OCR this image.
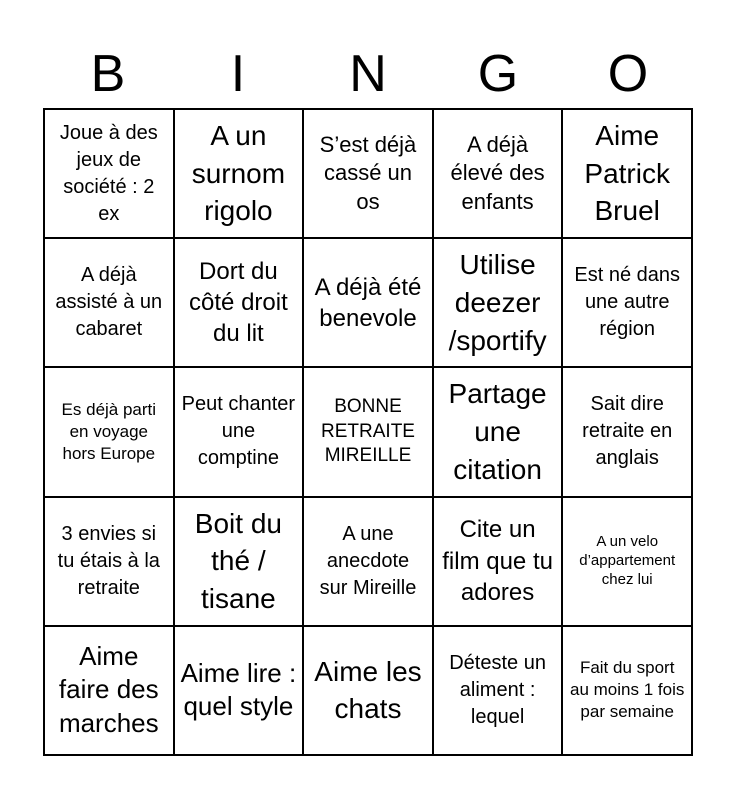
B	I	N	G	O
Joue à des jeux de société : 2 ex
A un surnom rigolo
S’est déjà cassé un os
A déjà élevé des enfants
Aime Patrick Bruel
A déjà assisté à un cabaret
Dort du côté droit du lit
A déjà été benevole
Utilise deezer /sportify
Est né dans une autre région
Es déjà parti en voyage hors Europe
Peut chanter une comptine
BONNE RETRAITE MIREILLE
Partage une citation
Sait dire retraite en anglais
3 envies si tu étais à la retraite
Boit du thé / tisane
A une anecdote sur Mireille
Cite un film que tu adores
A un velo d’appartement chez lui
Aime faire des marches
Aime lire : quel style
Aime les chats
Déteste un aliment : lequel
Fait du sport au moins 1 fois par semaine
